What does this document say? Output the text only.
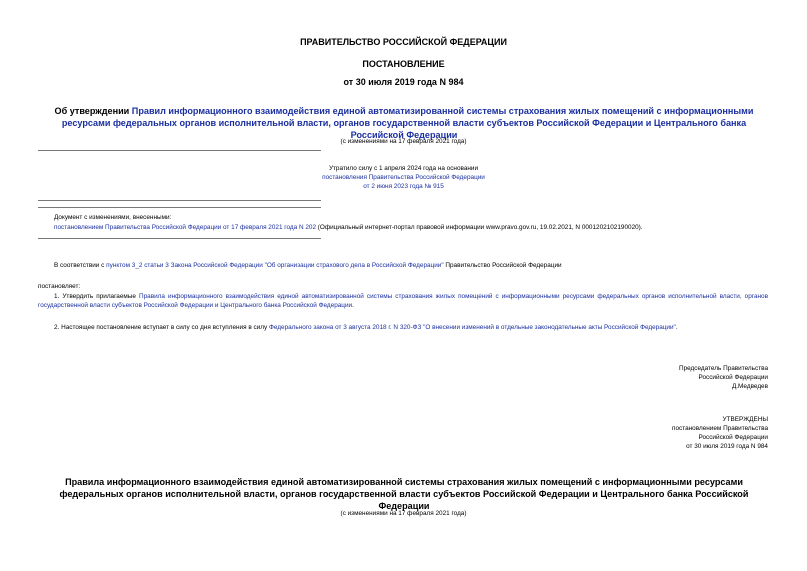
ПРАВИТЕЛЬСТВО РОССИЙСКОЙ ФЕДЕРАЦИИ
ПОСТАНОВЛЕНИЕ
от 30 июля 2019 года N 984
Об утверждении Правил информационного взаимодействия единой автоматизированной системы страхования жилых помещений с информационными ресурсами федеральных органов исполнительной власти, органов государственной власти субъектов Российской Федерации и Центрального банка Российской Федерации
(с изменениями на 17 февраля 2021 года)
Утратило силу с 1 апреля 2024 года на основании
постановления Правительства Российской Федерации
от 2 июня 2023 года № 915
Документ с изменениями, внесенными:
постановлением Правительства Российской Федерации от 17 февраля 2021 года N 202 (Официальный интернет-портал правовой информации www.pravo.gov.ru, 19.02.2021, N 0001202102190020).
В соответствии с пунктом 3_2 статьи 3 Закона Российской Федерации "Об организации страхового дела в Российской Федерации" Правительство Российской Федерации
постановляет:
1. Утвердить прилагаемые Правила информационного взаимодействия единой автоматизированной системы страхования жилых помещений с информационными ресурсами федеральных органов исполнительной власти, органов государственной власти субъектов Российской Федерации и Центрального банка Российской Федерации.
2. Настоящее постановление вступает в силу со дня вступления в силу Федерального закона от 3 августа 2018 г. N 320-ФЗ "О внесении изменений в отдельные законодательные акты Российской Федерации".
Председатель Правительства
Российской Федерации
Д.Медведев
УТВЕРЖДЕНЫ
постановлением Правительства
Российской Федерации
от 30 июля 2019 года N 984
Правила информационного взаимодействия единой автоматизированной системы страхования жилых помещений с информационными ресурсами федеральных органов исполнительной власти, органов государственной власти субъектов Российской Федерации и Центрального банка Российской Федерации
(с изменениями на 17 февраля 2021 года)
